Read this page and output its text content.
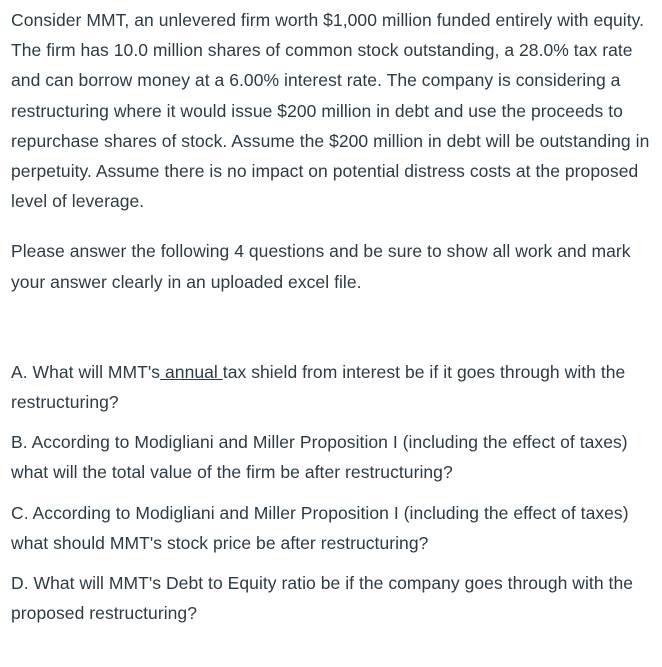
Consider MMT, an unlevered firm worth $1,000 million funded entirely with equity. The firm has 10.0 million shares of common stock outstanding, a 28.0% tax rate and can borrow money at a 6.00% interest rate. The company is considering a restructuring where it would issue $200 million in debt and use the proceeds to repurchase shares of stock. Assume the $200 million in debt will be outstanding in perpetuity. Assume there is no impact on potential distress costs at the proposed level of leverage.

Please answer the following 4 questions and be sure to show all work and mark your answer clearly in an uploaded excel file.

A. What will MMT's annual tax shield from interest be if it goes through with the restructuring?

B. According to Modigliani and Miller Proposition I (including the effect of taxes) what will the total value of the firm be after restructuring?

C. According to Modigliani and Miller Proposition I (including the effect of taxes) what should MMT's stock price be after restructuring?

D. What will MMT's Debt to Equity ratio be if the company goes through with the proposed restructuring?
